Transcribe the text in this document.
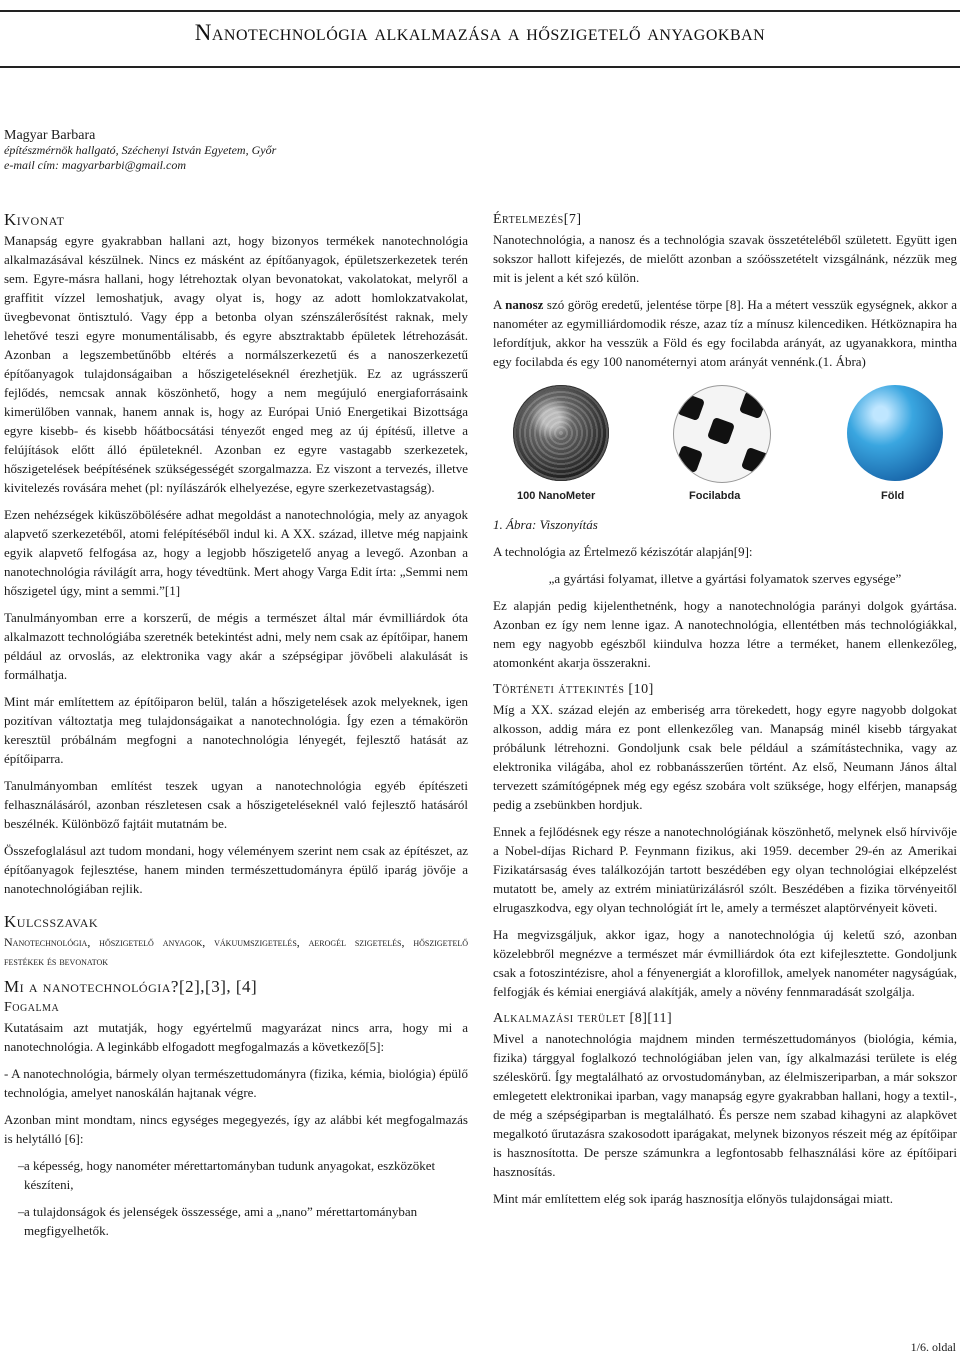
Nanotechnológia alkalmazása a hőszigetelő anyagokban
Magyar Barbara
építészmérnök hallgató, Széchenyi István Egyetem, Győr
e-mail cím: magyarbarbi@gmail.com
Kivonat

Manapság egyre gyakrabban hallani azt, hogy bizonyos termékek nanotechnológia alkalmazásával készülnek. Nincs ez másként az építőanyagok, épületszerkezetek terén sem. Egyre-másra hallani, hogy létrehoztak olyan bevonatokat, vakolatokat, melyről a graffitit vízzel lemoshatjuk, avagy olyat is, hogy az adott homlokzatvakolat, üvegbevonat öntisztuló. Vagy épp a betonba olyan szénszálerősítést raknak, mely lehetővé teszi egyre monumentálisabb, és egyre absztraktabb épületek létrehozását. Azonban a legszembetűnőbb eltérés a normálszerkezetű és a nanoszerkezetű építőanyagok tulajdonságaiban a hőszigeteléseknél érezhetjük. Ez az ugrásszerű fejlődés, nemcsak annak köszönhető, hogy a nem megújuló energiaforrásaink kimerülőben vannak, hanem annak is, hogy az Európai Unió Energetikai Bizottsága egyre kisebb- és kisebb hőátbocsátási tényezőt enged meg az új építésű, illetve a felújítások előtt álló épületeknél. Azonban ez egyre vastagabb szerkezetek, hőszigetelések beépítésének szükségességét szorgalmazza. Ez viszont a tervezés, illetve kivitelezés rovására mehet (pl: nyílászárók elhelyezése, egyre szerkezetvastagság).

Ezen nehézségek kiküszöbölésére adhat megoldást a nanotechnológia, mely az anyagok alapvető szerkezetéből, atomi felépítéséből indul ki. A XX. század, illetve még napjaink egyik alapvető felfogása az, hogy a legjobb hőszigetelő anyag a levegő. Azonban a nanotechnológia rávilágít arra, hogy tévedtünk. Mert ahogy Varga Edit írta: „Semmi nem hőszigetel úgy, mint a semmi.”[1]

Tanulmányomban erre a korszerű, de mégis a természet által már évmilliárdok óta alkalmazott technológiába szeretnék betekintést adni, mely nem csak az építőipar, hanem például az orvoslás, az elektronika vagy akár a szépségipar jövőbeli alakulását is formálhatja.

Mint már említettem az építőiparon belül, talán a hőszigetelések azok melyeknek, igen pozitívan változtatja meg tulajdonságaikat a nanotechnológia. Így ezen a témakörön keresztül próbálnám megfogni a nanotechnológia lényegét, fejlesztő hatását az építőiparra.

Tanulmányomban említést teszek ugyan a nanotechnológia egyéb építészeti felhasználásáról, azonban részletesen csak a hőszigeteléseknél való fejlesztő hatásáról beszélnék. Különböző fajtáit mutatnám be.

Összefoglalásul azt tudom mondani, hogy véleményem szerint nem csak az építészet, az építőanyagok fejlesztése, hanem minden természettudományra épülő iparág jövője a nanotechnológiában rejlik.

Kulcsszavak
Nanotechnológia, hőszigetelő anyagok, vákuumszigetelés, aerogél szigetelés, hőszigetelő festékek és bevonatok
Mi a nanotechnológia?[2],[3], [4]
Fogalma

Kutatásaim azt mutatják, hogy egyértelmű magyarázat nincs arra, hogy mi a nanotechnológia. A leginkább elfogadott megfogalmazás a következő[5]:

- A nanotechnológia, bármely olyan természettudományra (fizika, kémia, biológia) épülő technológia, amelyet nanoskálán hajtanak végre.

Azonban mint mondtam, nincs egységes megegyezés, így az alábbi két megfogalmazás is helytálló [6]:

– a képesség, hogy nanométer mérettartományban tudunk anyagokat, eszközöket készíteni,
– a tulajdonságok és jelenségek összessége, ami a „nano” mérettartományban megfigyelhetők.
Értelmezés[7]

Nanotechnológia, a nanosz és a technológia szavak összetételéből született. Együtt igen sokszor hallott kifejezés, de mielőtt azonban a szóösszetételt vizsgálnánk, nézzük meg mit is jelent a két szó külön.

A nanosz szó görög eredetű, jelentése törpe [8]. Ha a métert vesszük egységnek, akkor a nanométer az egymilliárdomodik része, azaz tíz a mínusz kilencediken. Hétköznapira ha lefordítjuk, akkor ha vesszük a Föld és egy focilabda arányát, az ugyanakkora, mintha egy focilabda és egy 100 nanométernyi atom arányát vennénk.(1. Ábra)

100 NanoMeter	Focilabda	Föld
1. Ábra: Viszonyítás

A technológia az Értelmező kéziszótár alapján[9]:

„a gyártási folyamat, illetve a gyártási folyamatok szerves egysége”

Ez alapján pedig kijelenthetnénk, hogy a nanotechnológia parányi dolgok gyártása. Azonban ez így nem lenne igaz. A nanotechnológia, ellentétben más technológiákkal, nem egy nagyobb egészből kiindulva hozza létre a terméket, hanem ellenkezőleg, atomonként akarja összerakni.

Történeti áttekintés [10]

Míg a XX. század elején az emberiség arra törekedett, hogy egyre nagyobb dolgokat alkosson, addig mára ez pont ellenkezőleg van. Manapság minél kisebb tárgyakat próbálunk létrehozni. Gondoljunk csak bele például a számítástechnika, vagy az elektronika világába, ahol ez robbanásszerűen történt. Az első, Neumann János által tervezett számítógépnek még egy egész szobára volt szüksége, hogy elférjen, manapság pedig a zsebünkben hordjuk.

Ennek a fejlődésnek egy része a nanotechnológiának köszönhető, melynek első hírvivője a Nobel-díjas Richard P. Feynmann fizikus, aki 1959. december 29-én az Amerikai Fizikatársaság éves találkozóján tartott beszédében egy olyan technológiai elképzelést mutatott be, amely az extrém miniatürizálásról szólt. Beszédében a fizika törvényeitől elrugaszkodva, egy olyan technológiát írt le, amely a természet alaptörvényeit követi.

Ha megvizsgáljuk, akkor igaz, hogy a nanotechnológia új keletű szó, azonban közelebbről megnézve a természet már évmilliárdok óta ezt kifejlesztette. Gondoljunk csak a fotoszintézisre, ahol a fényenergiát a klorofillok, amelyek nanométer nagyságúak, felfogják és kémiai energiává alakítják, amely a növény fennmaradását szolgálja.

Alkalmazási terület [8][11]

Mivel a nanotechnológia majdnem minden természettudományos (biológia, kémia, fizika) tárggyal foglalkozó technológiában jelen van, így alkalmazási területe is elég széleskörű. Így megtalálható az orvostudományban, az élelmiszeriparban, a már sokszor emlegetett elektronikai iparban, vagy manapság egyre gyakrabban hallani, hogy a textil-, de még a szépségiparban is megtalálható. És persze nem szabad kihagyni az alapkövet megalkotó űrutazásra szakosodott iparágakat, melynek bizonyos részeit még az építőipar is hasznosította. De persze számunkra a legfontosabb felhasználási köre az építőipari hasznosítás.

Mint már említettem elég sok iparág hasznosítja előnyös tulajdonságai miatt.

1/6. oldal
